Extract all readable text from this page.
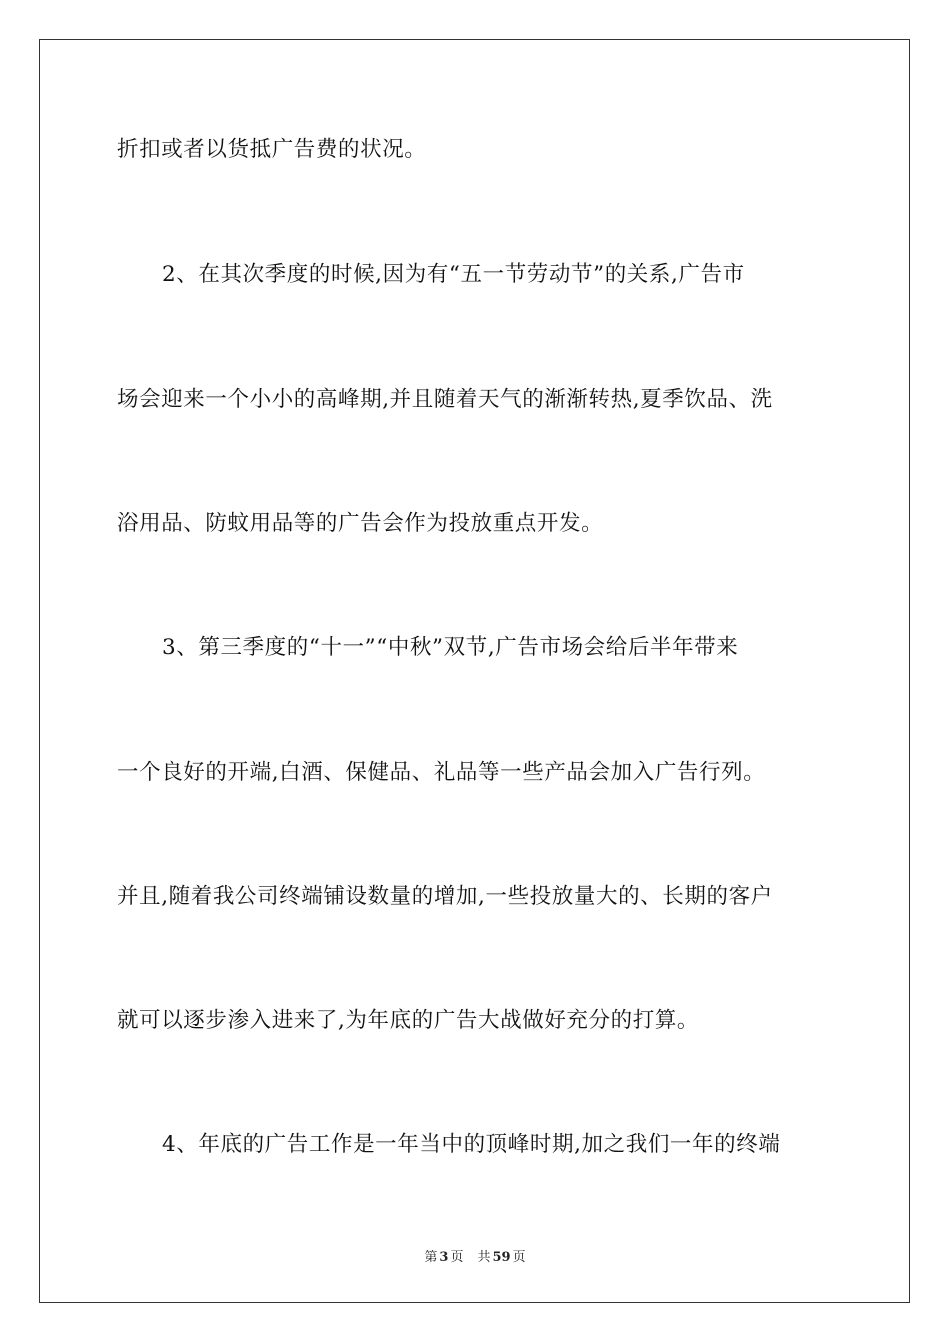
折扣或者以货抵广告费的状况。
2、在其次季度的时候,因为有“五一节劳动节”的关系,广告市
场会迎来一个小小的高峰期,并且随着天气的渐渐转热,夏季饮品、洗
浴用品、防蚊用品等的广告会作为投放重点开发。
3、第三季度的“十一”“中秋”双节,广告市场会给后半年带来
一个良好的开端,白酒、保健品、礼品等一些产品会加入广告行列。
并且,随着我公司终端铺设数量的增加,一些投放量大的、长期的客户
就可以逐步渗入进来了,为年底的广告大战做好充分的打算。
4、年底的广告工作是一年当中的顶峰时期,加之我们一年的终端
第 3 页 共 59 页
